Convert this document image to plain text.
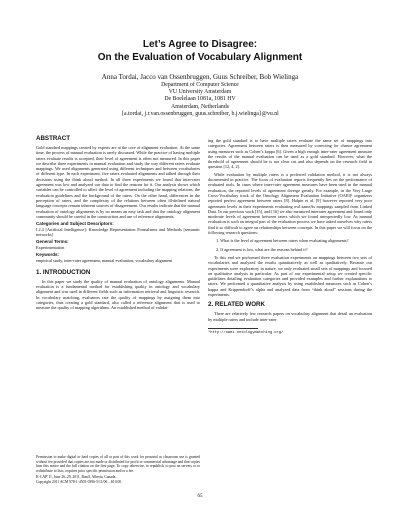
Let’s Agree to Disagree:
On the Evaluation of Vocabulary Alignment
Anna Tordai, Jacco van Ossenbruggen, Guus Schreiber, Bob Wielinga
Department of Computer Science
VU University Amsterdam
De Boelelaan 1081a, 1081 HV
Amsterdam, Netherlands
{a.tordai, j.r.van.ossenbruggen, guus.schreiber, b.j.wielinga}@vu.nl
ABSTRACT

Gold standard mappings created by experts are at the core of alignment evaluation. At the same time, the process of manual evaluation is rarely discussed. While the practice of having multiple raters evaluate results is accepted, their level of agreement is often not measured. In this paper we describe three experiments in manual evaluation and study the way different raters evaluate mappings. We used alignments generated using different techniques and between vocabularies of different type. In each experiment, five raters evaluated alignments and talked through their decisions using the think aloud method. In all three experiments we found that inter-rater agreement was low and analyzed our data to find the reasons for it. Our analysis shows which variables can be controlled to affect the level of agreement including the mapping relations, the evaluation guidelines and the background of the raters. On the other hand, differences in the perception of raters, and the complexity of the relations between often ill-defined natural language concepts remain inherent sources of disagreement. Our results indicate that the manual evaluation of ontology alignments is by no means an easy task and that the ontology alignment community should be careful in the construction and use of reference alignments.

Categories and Subject Descriptors:

I.2.4 [Artificial Intelligence]: Knowledge Representation Formalisms and Methods [semantic networks]

General Terms:

Experimentation

Keywords:

empirical study, inter-rater agreement, manual evaluation, vocabulary alignment

1. INTRODUCTION

In this paper we study the quality of manual evaluation of ontology alignments. Manual evaluation is a fundamental method for establishing quality in ontology and vocabulary alignment and was used in different fields such as information retrieval and linguistic research. In vocabulary matching, evaluators rate the quality of mappings by assigning them into categories, thus creating a gold standard, also called a reference alignment that is used to measure the quality of mapping algorithms. An established method of validat-

Permission to make digital or hard copies of all or part of this work for personal or classroom use is granted without fee provided that copies are not made or distributed for profit or commercial advantage and that copies bear this notice and the full citation on the first page. To copy otherwise, to republish, to post on servers or to redistribute to lists, requires prior specific permission and/or a fee.

K-CAP’11, June 26–29, 2011, Banff, Alberta, Canada.
Copyright 2011 ACM 978-1-4503-0396-5/11/06 ...$10.00.

ing the gold standard is to have multiple raters evaluate the same set of mappings into categories. Agreement between raters is then measured by correcting for chance agreement using measures such as Cohen’s kappa [6]. Given a high enough inter-rater agreement measure the results of the manual evaluation can be used as a gold standard. However, what the threshold of agreement should be is not clear cut and also depends on the research field in question [12, 4, 2].

While evaluation by multiple raters is a preferred validation method, it is not always documented in practice. The focus of evaluation reports frequently lies on the performance of evaluated tools. In cases where inter-rater agreement measures have been used in the manual evaluation, the reported levels of agreement diverge greatly. For example, in the Very Large Cross-Vocabulary track of the Ontology Alignment Evaluation Initiative (OAEI)¹ organizers reported perfect agreement between raters [8]. Halpin et al. [9] however reported very poor agreement levels in their experiments evaluating owl:sameAs mappings sampled from Linked Data. In our previous work [15], and [16] we also measured interrater agreement and found only moderate levels of agreement between raters which we found unexpectedly low. As manual evaluation is such an integral part of the evaluation process we have asked ourselves why raters find it so difficult to agree on relationships between concepts. In this paper we will focus on the following research questions:

1. What is the level of agreement between raters when evaluating alignments?
2. If agreement is low, what are the reasons behind it?

To this end we performed three evaluation experiments on mappings between two sets of vocabularies and analyzed the results quantitatively as well as qualitatively. Because our experiments were exploratory in nature, we only evaluated small sets of mappings and focused on qualitative analysis in particular. As part of our experimental setup we created specific guidelines detailing evaluation categories and provided examples and further explanations to raters. We performed a quantitative analysis by using established measures such as Cohen’s kappa and Krippendorff’s alpha and analyzed data from “think aloud” sessions during the experiments.

2. RELATED WORK

There are relatively few research papers on vocabulary alignment that detail an evaluation by multiple raters and include inter-rater

¹http://oaei.ontologymatching.org/
65
